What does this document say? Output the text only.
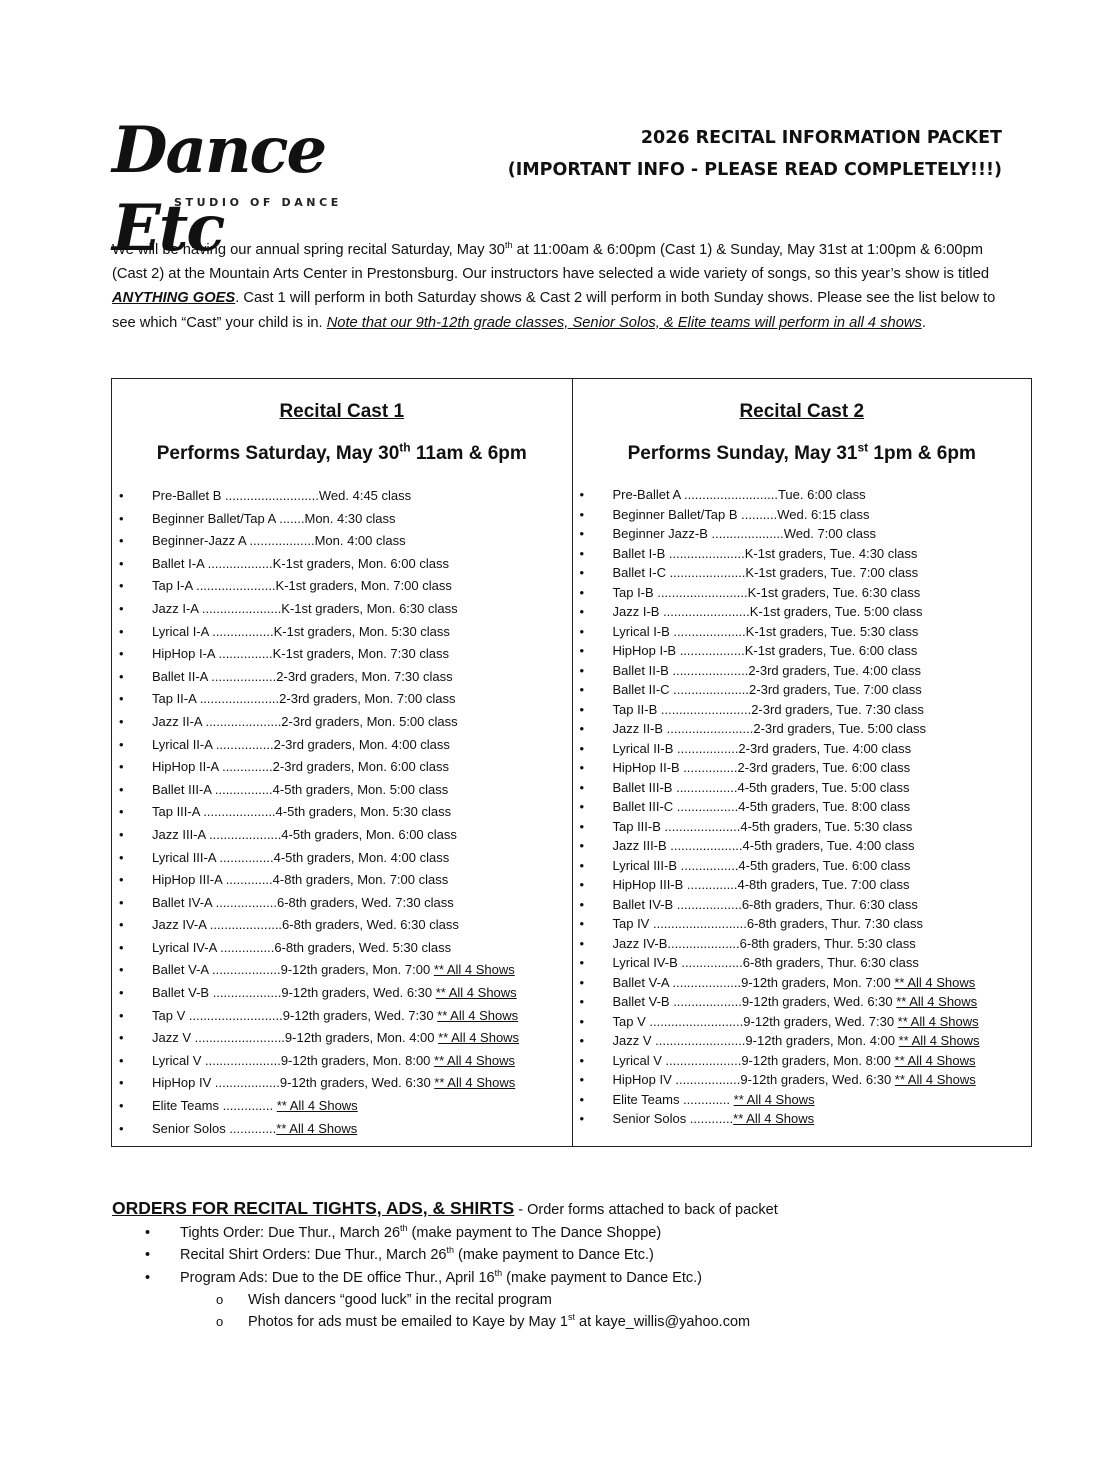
Dance Etc
STUDIO OF DANCE
2026 RECITAL INFORMATION PACKET
(IMPORTANT INFO - PLEASE READ COMPLETELY!!!)

We will be having our annual spring recital Saturday, May 30th at 11:00am & 6:00pm (Cast 1) & Sunday, May 31st at 1:00pm & 6:00pm (Cast 2) at the Mountain Arts Center in Prestonsburg. Our instructors have selected a wide variety of songs, so this year’s show is titled ANYTHING GOES. Cast 1 will perform in both Saturday shows & Cast 2 will perform in both Sunday shows. Please see the list below to see which “Cast” your child is in. Note that our 9th-12th grade classes, Senior Solos, & Elite teams will perform in all 4 shows.

Recital Cast 1
Performs Saturday, May 30th 11am & 6pm
• Pre-Ballet B ..........................Wed. 4:45 class
• Beginner Ballet/Tap A .......Mon. 4:30 class
• Beginner-Jazz A ..................Mon. 4:00 class
• Ballet I-A ..................K-1st graders, Mon. 6:00 class
• Tap I-A ......................K-1st graders, Mon. 7:00 class
• Jazz I-A ......................K-1st graders, Mon. 6:30 class
• Lyrical I-A .................K-1st graders, Mon. 5:30 class
• HipHop I-A ...............K-1st graders, Mon. 7:30 class
• Ballet II-A ..................2-3rd graders, Mon. 7:30 class
• Tap II-A ......................2-3rd graders, Mon. 7:00 class
• Jazz II-A .....................2-3rd graders, Mon. 5:00 class
• Lyrical II-A ................2-3rd graders, Mon. 4:00 class
• HipHop II-A ..............2-3rd graders, Mon. 6:00 class
• Ballet III-A ................4-5th graders, Mon. 5:00 class
• Tap III-A ....................4-5th graders, Mon. 5:30 class
• Jazz III-A ....................4-5th graders, Mon. 6:00 class
• Lyrical III-A ...............4-5th graders, Mon. 4:00 class
• HipHop III-A .............4-8th graders, Mon. 7:00 class
• Ballet IV-A .................6-8th graders, Wed. 7:30 class
• Jazz IV-A ....................6-8th graders, Wed. 6:30 class
• Lyrical IV-A ...............6-8th graders, Wed. 5:30 class
• Ballet V-A ...................9-12th graders, Mon. 7:00 ** All 4 Shows
• Ballet V-B ...................9-12th graders, Wed. 6:30 ** All 4 Shows
• Tap V ..........................9-12th graders, Wed. 7:30 ** All 4 Shows
• Jazz V .........................9-12th graders, Mon. 4:00 ** All 4 Shows
• Lyrical V .....................9-12th graders, Mon. 8:00 ** All 4 Shows
• HipHop IV ..................9-12th graders, Wed. 6:30 ** All 4 Shows
• Elite Teams .............. ** All 4 Shows
• Senior Solos .............** All 4 Shows
Recital Cast 2
Performs Sunday, May 31st 1pm & 6pm
• Pre-Ballet A ..........................Tue. 6:00 class
• Beginner Ballet/Tap B ..........Wed. 6:15 class
• Beginner Jazz-B ....................Wed. 7:00 class
• Ballet I-B .....................K-1st graders, Tue. 4:30 class
• Ballet I-C .....................K-1st graders, Tue. 7:00 class
• Tap I-B .........................K-1st graders, Tue. 6:30 class
• Jazz I-B ........................K-1st graders, Tue. 5:00 class
• Lyrical I-B ....................K-1st graders, Tue. 5:30 class
• HipHop I-B ..................K-1st graders, Tue. 6:00 class
• Ballet II-B .....................2-3rd graders, Tue. 4:00 class
• Ballet II-C .....................2-3rd graders, Tue. 7:00 class
• Tap II-B .........................2-3rd graders, Tue. 7:30 class
• Jazz II-B ........................2-3rd graders, Tue. 5:00 class
• Lyrical II-B .................2-3rd graders, Tue. 4:00 class
• HipHop II-B ...............2-3rd graders, Tue. 6:00 class
• Ballet III-B .................4-5th graders, Tue. 5:00 class
• Ballet III-C .................4-5th graders, Tue. 8:00 class
• Tap III-B .....................4-5th graders, Tue. 5:30 class
• Jazz III-B ....................4-5th graders, Tue. 4:00 class
• Lyrical III-B ................4-5th graders, Tue. 6:00 class
• HipHop III-B ..............4-8th graders, Tue. 7:00 class
• Ballet IV-B ..................6-8th graders, Thur. 6:30 class
• Tap IV ..........................6-8th graders, Thur. 7:30 class
• Jazz IV-B....................6-8th graders, Thur. 5:30 class
• Lyrical IV-B .................6-8th graders, Thur. 6:30 class
• Ballet V-A ...................9-12th graders, Mon. 7:00 ** All 4 Shows
• Ballet V-B ...................9-12th graders, Wed. 6:30 ** All 4 Shows
• Tap V ..........................9-12th graders, Wed. 7:30 ** All 4 Shows
• Jazz V .........................9-12th graders, Mon. 4:00 ** All 4 Shows
• Lyrical V .....................9-12th graders, Mon. 8:00 ** All 4 Shows
• HipHop IV ..................9-12th graders, Wed. 6:30 ** All 4 Shows
• Elite Teams ............. ** All 4 Shows
• Senior Solos ............** All 4 Shows
ORDERS FOR RECITAL TIGHTS, ADS, & SHIRTS - Order forms attached to back of packet
• Tights Order: Due Thur., March 26th (make payment to The Dance Shoppe)
• Recital Shirt Orders: Due Thur., March 26th (make payment to Dance Etc.)
• Program Ads: Due to the DE office Thur., April 16th (make payment to Dance Etc.)
o Wish dancers “good luck” in the recital program
o Photos for ads must be emailed to Kaye by May 1st at kaye_willis@yahoo.com
